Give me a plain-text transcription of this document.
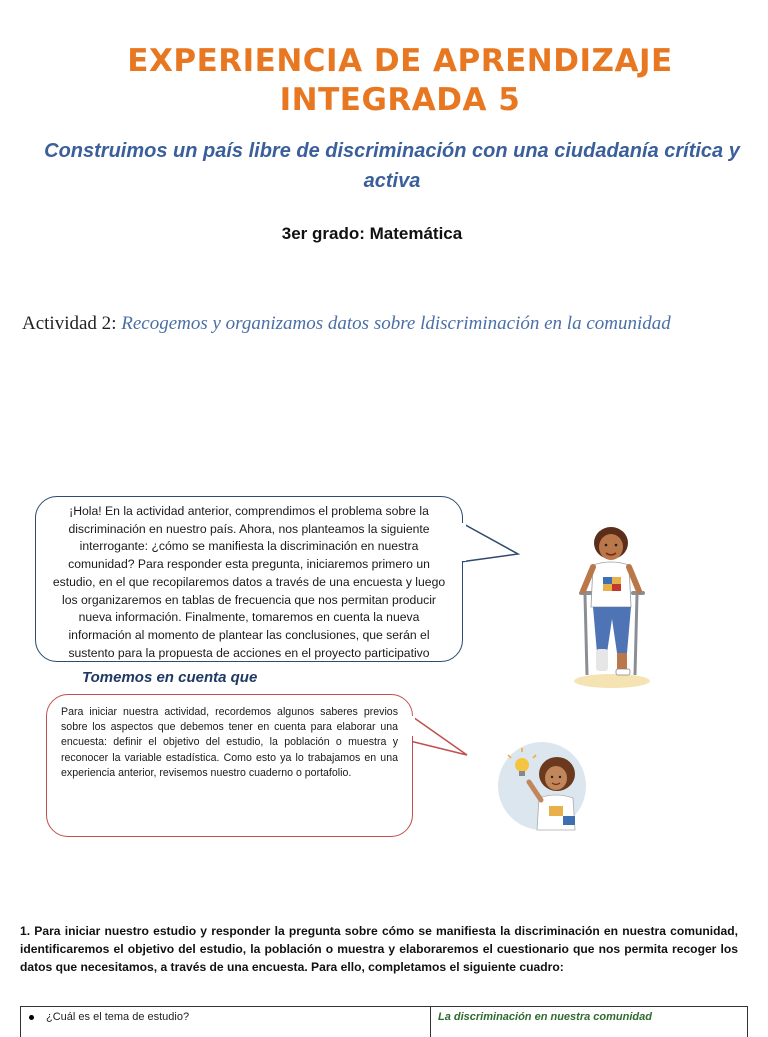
EXPERIENCIA DE APRENDIZAJE
INTEGRADA 5
Construimos un país libre de discriminación con una ciudadanía crítica y
activa
3er grado: Matemática
Actividad 2: Recogemos y organizamos datos sobre ldiscriminación en la comunidad

¡Hola! En la actividad anterior, comprendimos el problema sobre la discriminación en nuestro país. Ahora, nos planteamos la siguiente interrogante: ¿cómo se manifiesta la discriminación en nuestra comunidad? Para responder esta pregunta, iniciaremos primero un estudio, en el que recopilaremos datos a través de una encuesta y luego los organizaremos en tablas de frecuencia que nos permitan producir nueva información. Finalmente, tomaremos en cuenta la nueva información al momento de plantear las conclusiones, que serán el sustento para la propuesta de acciones en el proyecto participativo

Tomemos en cuenta que

Para iniciar nuestra actividad, recordemos algunos saberes previos sobre los aspectos que debemos tener en cuenta para elaborar una encuesta: definir el objetivo del estudio, la población o muestra y reconocer la variable estadística. Como esto ya lo trabajamos en una experiencia anterior, revisemos nuestro cuaderno o portafolio.

1. Para iniciar nuestro estudio y responder la pregunta sobre cómo se manifiesta la discriminación en nuestra comunidad, identificaremos el objetivo del estudio, la población o muestra y elaboraremos el cuestionario que nos permita recoger los datos que necesitamos, a través de una encuesta. Para ello, completamos el siguiente cuadro:
¿Cuál es el tema de estudio?	La discriminación en nuestra comunidad
